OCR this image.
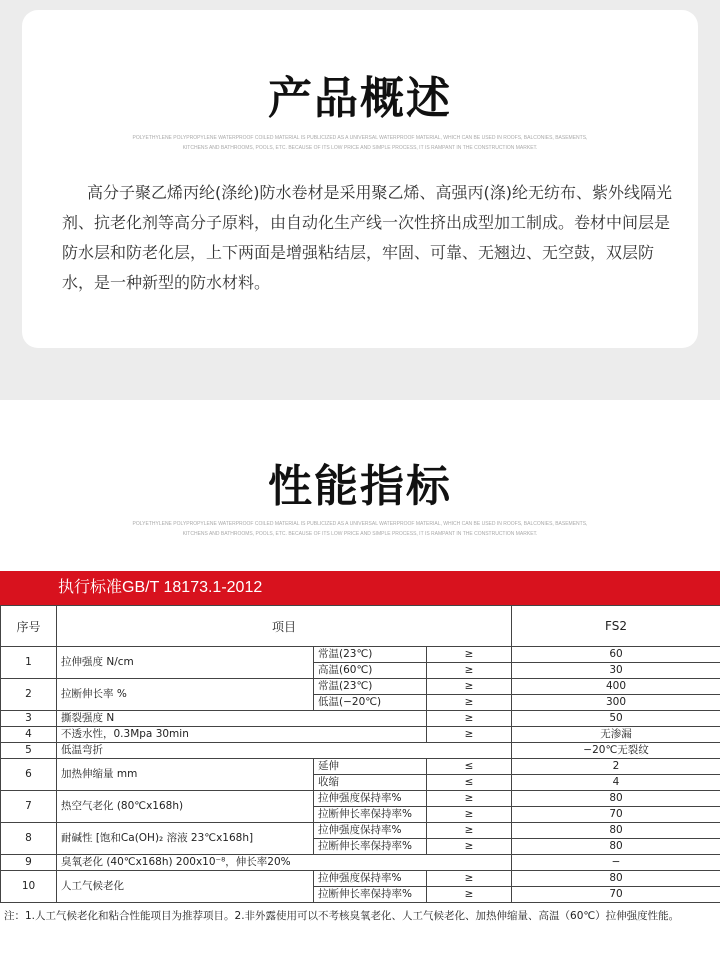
产品概述
POLYETHYLENE POLYPROPYLENE WATERPROOF COILED MATERIAL IS PUBLICIZED AS A UNIVERSAL WATERPROOF MATERIAL, WHICH CAN BE USED IN ROOFS, BALCONIES, BASEMENTS,
KITCHENS AND BATHROOMS, POOLS, ETC. BECAUSE OF ITS LOW PRICE AND SIMPLE PROCESS, IT IS RAMPANT IN THE CONSTRUCTION MARKET.

高分子聚乙烯丙纶(涤纶)防水卷材是采用聚乙烯、高强丙(涤)纶无纺布、紫外线隔光剂、抗老化剂等高分子原料，由自动化生产线一次性挤出成型加工制成。卷材中间层是防水层和防老化层，上下两面是增强粘结层，牢固、可靠、无翘边、无空鼓，双层防水，是一种新型的防水材料。

性能指标
POLYETHYLENE POLYPROPYLENE WATERPROOF COILED MATERIAL IS PUBLICIZED AS A UNIVERSAL WATERPROOF MATERIAL, WHICH CAN BE USED IN ROOFS, BALCONIES, BASEMENTS,
KITCHENS AND BATHROOMS, POOLS, ETC. BECAUSE OF ITS LOW PRICE AND SIMPLE PROCESS, IT IS RAMPANT IN THE CONSTRUCTION MARKET.
执行标准GB/T 18173.1-2012
序号	项目			FS2
1	拉伸强度 N/cm	常温(23℃)	≥	60
		高温(60℃)	≥	30
2	拉断伸长率 %	常温(23℃)	≥	400
		低温(−20℃)	≥	300
3	撕裂强度 N		≥	50
4	不透水性，0.3Mpa 30min		≥	无渗漏
5	低温弯折			−20℃无裂纹
6	加热伸缩量 mm	延伸	≤	2
		收缩	≤	4
7	热空气老化 (80℃x168h)	拉伸强度保持率%	≥	80
		拉断伸长率保持率%	≥	70
8	耐碱性 [饱和Ca(OH)₂ 溶液 23℃x168h]	拉伸强度保持率%	≥	80
		拉断伸长率保持率%	≥	80
9	臭氧老化 (40℃x168h) 200x10⁻⁸，伸长率20%			−
10	人工气候老化	拉伸强度保持率%	≥	80
		拉断伸长率保持率%	≥	70
注：1.人工气候老化和粘合性能项目为推荐项目。2.非外露使用可以不考核臭氧老化、人工气候老化、加热伸缩量、高温（60℃）拉伸强度性能。
